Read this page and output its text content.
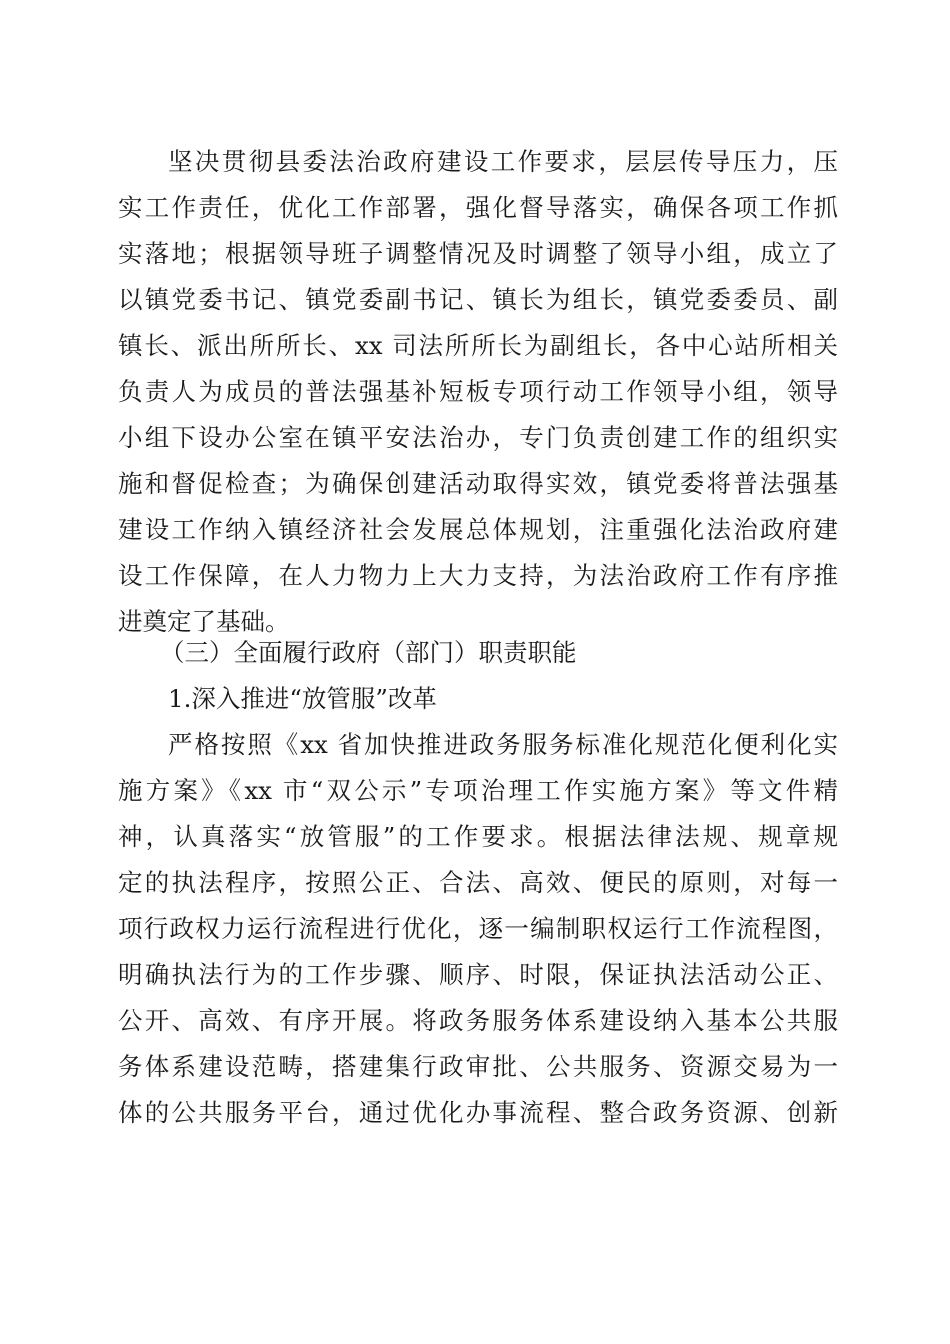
坚决贯彻县委法治政府建设工作要求，层层传导压力，压
实工作责任，优化工作部署，强化督导落实，确保各项工作抓
实落地；根据领导班子调整情况及时调整了领导小组，成立了
以镇党委书记、镇党委副书记、镇长为组长，镇党委委员、副
镇长、派出所所长、xx 司法所所长为副组长，各中心站所相关
负责人为成员的普法强基补短板专项行动工作领导小组，领导
小组下设办公室在镇平安法治办，专门负责创建工作的组织实
施和督促检查；为确保创建活动取得实效，镇党委将普法强基
建设工作纳入镇经济社会发展总体规划，注重强化法治政府建
设工作保障，在人力物力上大力支持，为法治政府工作有序推
进奠定了基础。
（三）全面履行政府（部门）职责职能
1.深入推进“放管服”改革
严格按照《xx 省加快推进政务服务标准化规范化便利化实
施方案》《xx 市“双公示”专项治理工作实施方案》等文件精
神，认真落实“放管服”的工作要求。根据法律法规、规章规
定的执法程序，按照公正、合法、高效、便民的原则，对每一
项行政权力运行流程进行优化，逐一编制职权运行工作流程图，
明确执法行为的工作步骤、顺序、时限，保证执法活动公正、
公开、高效、有序开展。将政务服务体系建设纳入基本公共服
务体系建设范畴，搭建集行政审批、公共服务、资源交易为一
体的公共服务平台，通过优化办事流程、整合政务资源、创新
